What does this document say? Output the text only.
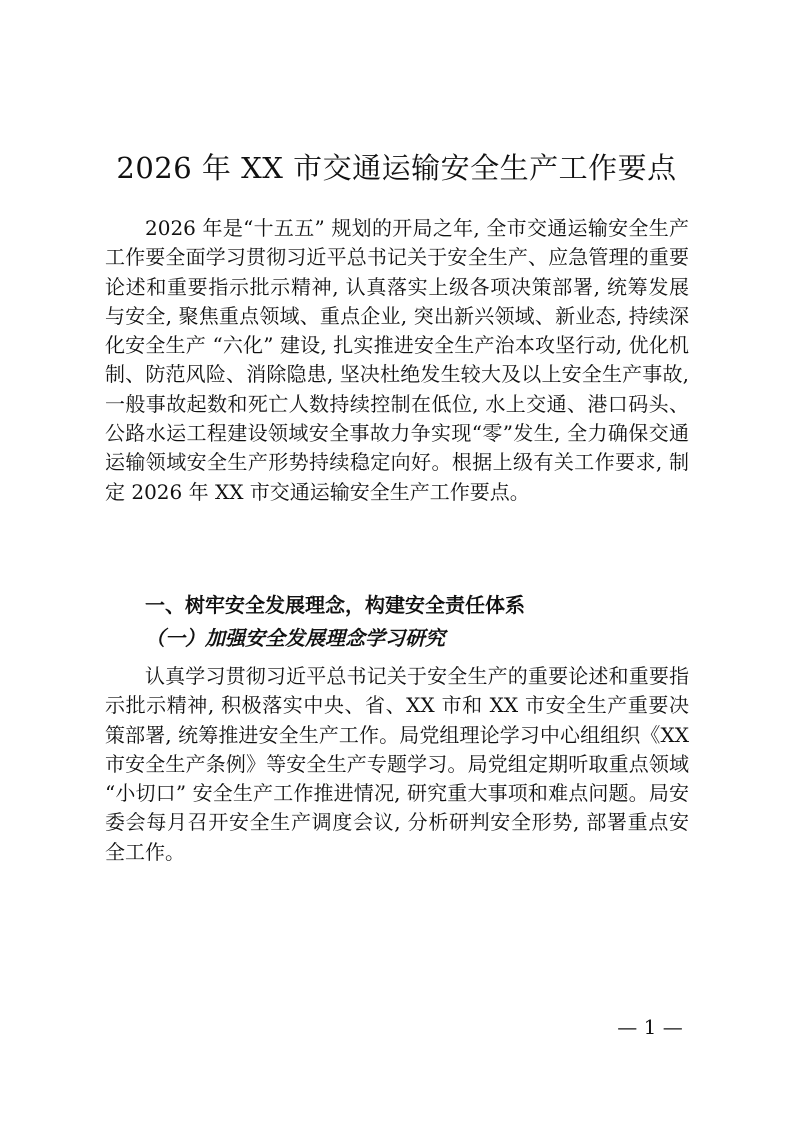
2026 年 XX 市交通运输安全生产工作要点

2026 年是“十五五” 规划的开局之年, 全市交通运输安全生产工作要全面学习贯彻习近平总书记关于安全生产、应急管理的重要论述和重要指示批示精神, 认真落实上级各项决策部署, 统筹发展与安全, 聚焦重点领域、重点企业, 突出新兴领域、新业态, 持续深化安全生产 “六化” 建设, 扎实推进安全生产治本攻坚行动, 优化机制、防范风险、消除隐患, 坚决杜绝发生较大及以上安全生产事故, 一般事故起数和死亡人数持续控制在低位, 水上交通、港口码头、公路水运工程建设领域安全事故力争实现“零”发生, 全力确保交通运输领域安全生产形势持续稳定向好。根据上级有关工作要求, 制定 2026 年 XX 市交通运输安全生产工作要点。

一、树牢安全发展理念，构建安全责任体系
（一）加强安全发展理念学习研究

认真学习贯彻习近平总书记关于安全生产的重要论述和重要指示批示精神, 积极落实中央、省、XX 市和 XX 市安全生产重要决策部署, 统筹推进安全生产工作。局党组理论学习中心组组织《XX 市安全生产条例》等安全生产专题学习。局党组定期听取重点领域 “小切口” 安全生产工作推进情况, 研究重大事项和难点问题。局安委会每月召开安全生产调度会议, 分析研判安全形势, 部署重点安全工作。

— 1 —
